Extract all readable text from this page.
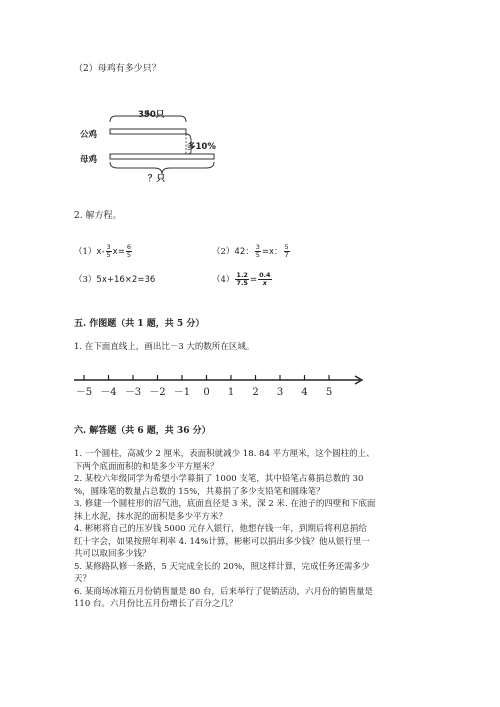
（2）母鸡有多少只？
350只
公鸡
母鸡
多10%
？只
2. 解方程。
$(1)x- \frac{3}{5} x= \frac{6}{5}$	（2）42： $\frac{3}{5} =x$： $\frac{5}{7}$
（3）5x+16×2=36	$(4) \frac{1.2}{7.5} = \frac{0.4}{x}$
五. 作图题（共 1 题，共 5 分）
1. 在下面直线上，画出比－3 大的数所在区域。
－5 －4 －3 －2 －1	0	1	2	3	4	5
六. 解答题（共 6 题，共 36 分）

1. 一个圆柱，高减少 2 厘米，表面积就减少 18. 84 平方厘米，这个圆柱的上、

下两个底面面积的和是多少平方厘米？

2. 某校六年级同学为希望小学募捐了 1000 支笔，其中铅笔占募捐总数的 30

%，圆珠笔的数量占总数的 15%，共募捐了多少支铅笔和圆珠笔？

3. 修建一个圆柱形的沼气池，底面直径是 3 米，深 2 米. 在池子的四壁和下底面

抹上水泥，抹水泥的面积是多少平方米？

4. 彬彬将自己的压岁钱 5000 元存入银行，他想存钱一年，到期后将利息捐给

红十字会，如果按照年利率 4. 14%计算，彬彬可以捐出多少钱？他从银行里一

共可以取回多少钱？

5. 某修路队修一条路，5 天完成全长的 20%，照这样计算，完成任务还需多少

天？

6. 某商场冰箱五月份销售量是 80 台，后来举行了促销活动，六月份的销售量是

110 台。六月份比五月份增长了百分之几？
